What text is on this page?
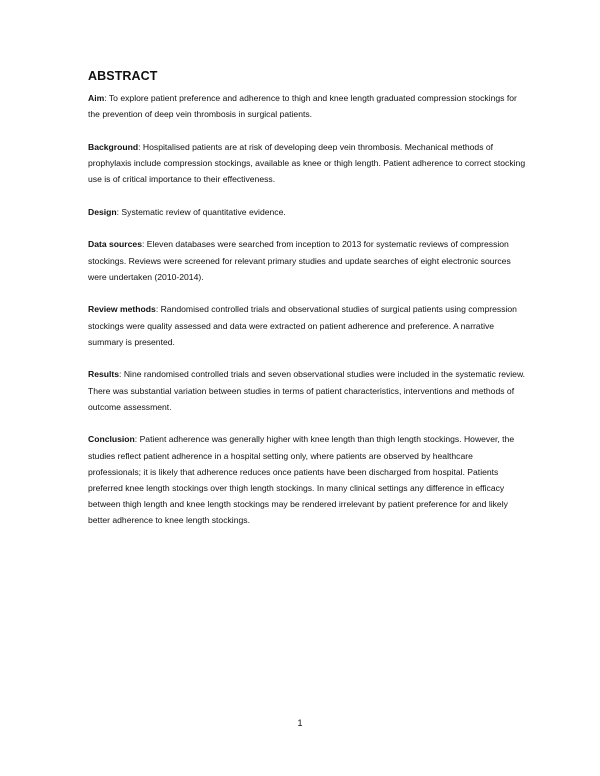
ABSTRACT

Aim: To explore patient preference and adherence to thigh and knee length graduated compression stockings for the prevention of deep vein thrombosis in surgical patients.

Background: Hospitalised patients are at risk of developing deep vein thrombosis. Mechanical methods of prophylaxis include compression stockings, available as knee or thigh length. Patient adherence to correct stocking use is of critical importance to their effectiveness.

Design: Systematic review of quantitative evidence.

Data sources: Eleven databases were searched from inception to 2013 for systematic reviews of compression stockings. Reviews were screened for relevant primary studies and update searches of eight electronic sources were undertaken (2010-2014).

Review methods: Randomised controlled trials and observational studies of surgical patients using compression stockings were quality assessed and data were extracted on patient adherence and preference. A narrative summary is presented.

Results: Nine randomised controlled trials and seven observational studies were included in the systematic review. There was substantial variation between studies in terms of patient characteristics, interventions and methods of outcome assessment.

Conclusion: Patient adherence was generally higher with knee length than thigh length stockings. However, the studies reflect patient adherence in a hospital setting only, where patients are observed by healthcare professionals; it is likely that adherence reduces once patients have been discharged from hospital. Patients preferred knee length stockings over thigh length stockings. In many clinical settings any difference in efficacy between thigh length and knee length stockings may be rendered irrelevant by patient preference for and likely better adherence to knee length stockings.

1
